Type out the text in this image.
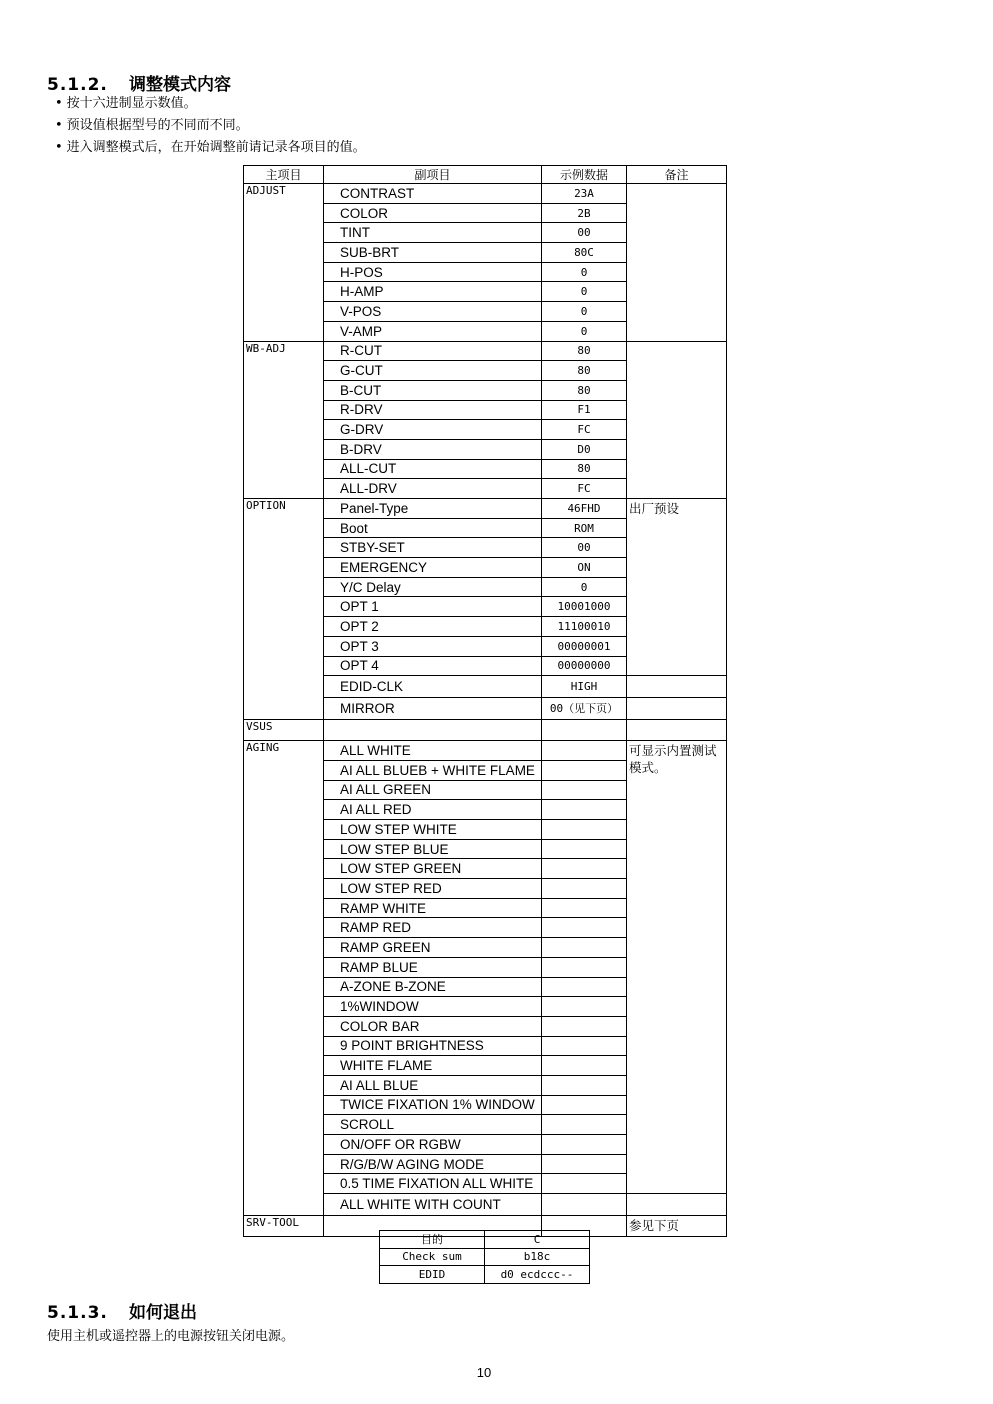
5.1.2. 调整模式内容
• 按十六进制显示数值。
• 预设值根据型号的不同而不同。
• 进入调整模式后，在开始调整前请记录各项目的值。
主项目	副项目	示例数据	备注
ADJUST	CONTRAST	23A	
	COLOR	2B	
	TINT	00	
	SUB-BRT	80C	
	H-POS	0	
	H-AMP	0	
	V-POS	0	
	V-AMP	0	
WB-ADJ	R-CUT	80	
	G-CUT	80	
	B-CUT	80	
	R-DRV	F1	
	G-DRV	FC	
	B-DRV	D0	
	ALL-CUT	80	
	ALL-DRV	FC	
OPTION	Panel-Type	46FHD	出厂预设
	Boot	ROM	
	STBY-SET	00	
	EMERGENCY	ON	
	Y/C Delay	0	
	OPT 1	10001000	
	OPT 2	11100010	
	OPT 3	00000001	
	OPT 4	00000000	
	EDID-CLK	HIGH	
	MIRROR	00（见下页）	
VSUS			
AGING	ALL WHITE		可显示内置测试模式。
	AI ALL BLUEB + WHITE FLAME		
	AI ALL GREEN		
	AI ALL RED		
	LOW STEP WHITE		
	LOW STEP BLUE		
	LOW STEP GREEN		
	LOW STEP RED		
	RAMP WHITE		
	RAMP RED		
	RAMP GREEN		
	RAMP BLUE		
	A-ZONE B-ZONE		
	1%WINDOW		
	COLOR BAR		
	9 POINT BRIGHTNESS		
	WHITE FLAME		
	AI ALL BLUE		
	TWICE FIXATION 1% WINDOW		
	SCROLL		
	ON/OFF OR RGBW		
	R/G/B/W AGING MODE		
	0.5 TIME FIXATION ALL WHITE		
	ALL WHITE WITH COUNT		
SRV-TOOL			参见下页
目的	C
Check sum	b18c
EDID	d0 ecdccc--
5.1.3. 如何退出
使用主机或遥控器上的电源按钮关闭电源。
10
